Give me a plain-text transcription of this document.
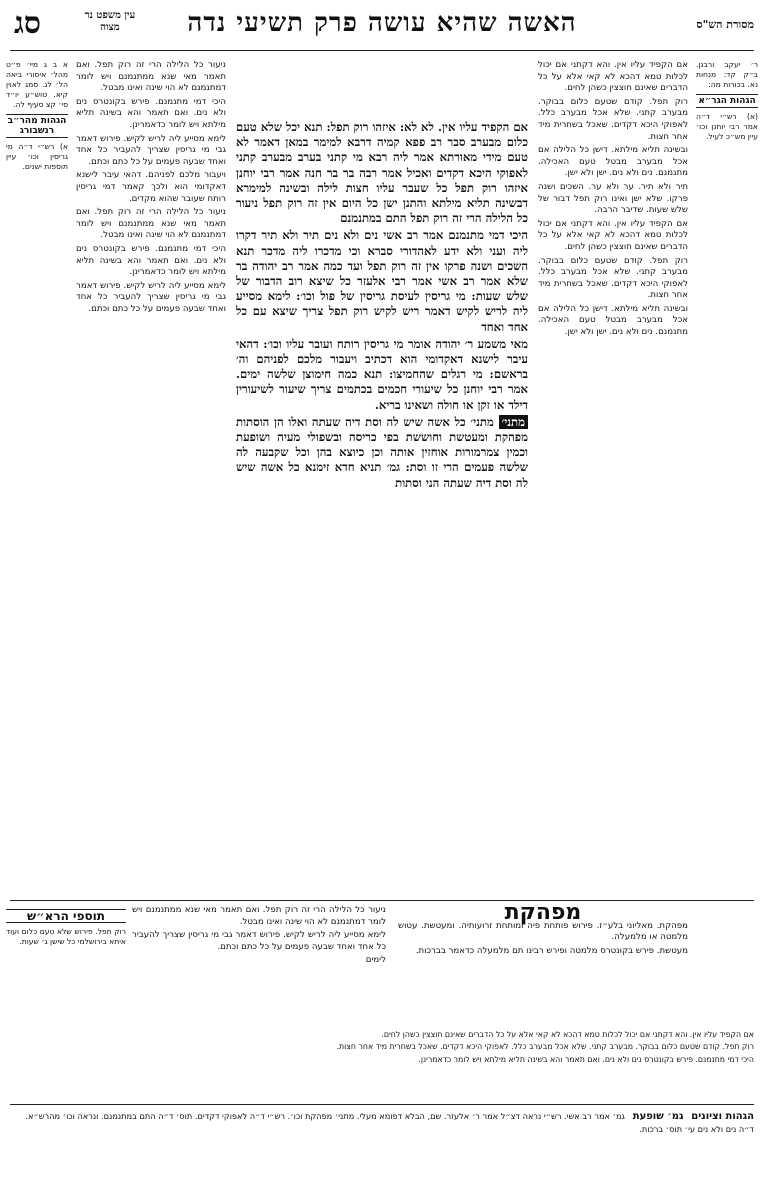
מסורת הש"ס
האשה שהיא עושה פרק תשיעי נדה
עין משפט נר מצוה
סג

ר׳ יעקב ורבנן. ב״ק קד: מנחות נא. בכורות מה:

הגהות הגר״א

(א) רש״י ד״ה אמר רבי יוחנן וכו׳ עיין מש״כ לעיל.

א ב ג מיי׳ פ״ט מהל׳ איסורי ביאה הל׳ לג. סמג לאוין קיא. טוש״ע יו״ד סי׳ קצ סעיף לה.

הגהות מהר״ב רנשבורג

א) רש״י ד״ה מי גריסין וכו׳ עיין תוספות ישנים.

אם הקפיד עליו אין. והא דקתני אם יכול לכלות טמא דהכא לא קאי אלא על כל הדברים שאינם חוצצין כשהן לחים.

רוק תפל. קודם שטעם כלום בבוקר. מבערב קתני. שלא אכל מבערב כלל. לאפוקי היכא דקדים. שאכל בשחרית מיד אחר חצות.

ובשינה תליא מילתא. דישן כל הלילה אם אכל מבערב מבטל טעם האכילה. מתנמנם. נים ולא נים. ישן ולא ישן.

תיר ולא תיר. ער ולא ער. השכים ושנה פרקו. שלא ישן ואינו רוק תפל דבור של שלש שעות. שדיבר הרבה.

אם הקפיד עליו אין. והא דקתני אם יכול לכלות טמא דהכא לא קאי אלא על כל הדברים שאינם חוצצין כשהן לחים.

רוק תפל. קודם שטעם כלום בבוקר. מבערב קתני. שלא אכל מבערב כלל. לאפוקי היכא דקדים. שאכל בשחרית מיד אחר חצות.

ובשינה תליא מילתא. דישן כל הלילה אם אכל מבערב מבטל טעם האכילה. מתנמנם. נים ולא נים. ישן ולא ישן.

ניעור כל הלילה הרי זה רוק תפל. ואם תאמר מאי שנא ממתנמנם ויש לומר דמתנמנם לא הוי שינה ואינו מבטל.

היכי דמי מתנמנם. פירש בקונטרס נים ולא נים. ואם תאמר והא בשינה תליא מילתא ויש לומר כדאמרינן.

לימא מסייע ליה לריש לקיש. פירוש דאמר גבי מי גריסין שצריך להעביר כל אחד ואחד שבעה פעמים על כל כתם וכתם.

ויעבור מלכם לפניהם. דהאי עיבר לישנא דאקדומי הוא ולכך קאמר דמי גריסין רותח שעובר שהוא מקדים.

ניעור כל הלילה הרי זה רוק תפל. ואם תאמר מאי שנא ממתנמנם ויש לומר דמתנמנם לא הוי שינה ואינו מבטל.

היכי דמי מתנמנם. פירש בקונטרס נים ולא נים. ואם תאמר והא בשינה תליא מילתא ויש לומר כדאמרינן.

לימא מסייע ליה לריש לקיש. פירוש דאמר גבי מי גריסין שצריך להעביר כל אחד ואחד שבעה פעמים על כל כתם וכתם.

אם הקפיד עליו אין. לא לא: איזהו רוק תפל: תנא יכל שלא טעם כלום מבערב סבר רב פפא קמיה דרבא למימר במאן דאמר לא טעם מידי מאורתא אמר ליה רבא מי קתני בערב מבערב קתני לאפוקי היכא דקדים ואכיל אמר רבה בר בר חנה אמר רבי יוחנן איזהו רוק תפל כל שעבר עליו חצות לילה ובשינה למימרא דבשינה תליא מילתא והתנן ישן כל היום אין זה רוק תפל ניעור כל הלילה הרי זה רוק תפל התם במתנמנם

היכי דמי מתנמנם אמר רב אשי נים ולא נים תיר ולא תיר דקרו ליה ועני ולא ידע לאהדורי סברא וכי מדכרו ליה מדכר תנא השכים ושנה פרקו אין זה רוק תפל ועד כמה אמר רב יהודה בר שלא אמר רב אשי אמר רבי אלעזר כל שיצא רוב הדבור של שלש שעות: מי גריסין לעיסת גריסין של פול וכו׳: לימא מסייע ליה לריש לקיש דאמר ריש לקיש רוק תפל צריך שיצא עם כל אחד ואחד

מאי משמע ר׳ יהודה אומר מי גריסין רותח ועובר עליו וכו׳: דהאי עיבר לישנא דאקדומי הוא דכתיב ויעבור מלכם לפניהם וה׳ בראשם: מי רגלים שהחמיצו: תנא כמה חימוצן שלשה ימים. אמר רבי יוחנן כל שיעורי חכמים בכתמים צריך שיעור לשיעורין דילד או זקן או חולה ושאינו בריא.

מתני׳ מתני׳ כל אשה שיש לה וסת דיה שעתה ואלו הן הוסתות מפהקת ומעטשת וחוששת בפי כריסה ובשפולי מעיה ושופעת וכמין צמרמורות אוחזין אותה וכן כיוצא בהן וכל שקבעה לה שלשה פעמים הרי זו וסת: גמ׳ תניא חדא זימנא כל אשה שיש לה וסת דיה שעתה הני וסתות

מפהקת

מפהקת. מאליוני בלע״ז. פירוש פותחת פיה ומותחת זרועותיה. ומעטשת. עטוש מלמטה או מלמעלה.

מעטשת. פירש בקונטרס מלמטה ופירש רבינו תם מלמעלה כדאמר בברכות.

תוספי הרא״ש

רוק תפל. פירוש שלא טעם כלום ועוד איתא בירושלמי כל שישן ג׳ שעות.

ניעור כל הלילה הרי זה רוק תפל. ואם תאמר מאי שנא ממתנמנם ויש לומר דמתנמנם לא הוי שינה ואינו מבטל.

לימא מסייע ליה לריש לקיש. פירוש דאמר גבי מי גריסין שצריך להעביר כל אחד ואחד שבעה פעמים על כל כתם וכתם.

לימים

אם הקפיד עליו אין. והא דקתני אם יכול לכלות טמא דהכא לא קאי אלא על כל הדברים שאינם חוצצין כשהן לחים.

רוק תפל. קודם שטעם כלום בבוקר. מבערב קתני. שלא אכל מבערב כלל. לאפוקי היכא דקדים. שאכל בשחרית מיד אחר חצות.

היכי דמי מתנמנם. פירש בקונטרס נים ולא נים. ואם תאמר והא בשינה תליא מילתא ויש לומר כדאמרינן.

הגהות וציונים   גמ׳ שופעת   גמ׳ אמר רב אשי. רש״י נראה דצ״ל אמר ר׳ אלעזר. שם, הבלא דפומא מעלי. מתני׳ מפהקת וכו׳. רש״י ד״ה לאפוקי דקדים. תוס׳ ד״ה התם במתנמנם. ונראה וכו׳ מהרש״א. ד״ה נים ולא נים עי׳ תוס׳ ברכות.
